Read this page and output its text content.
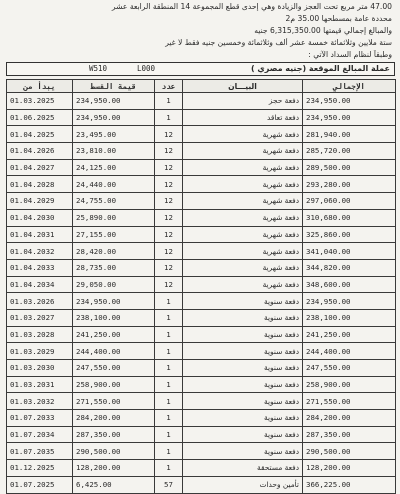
47.00 متر مربع تحت العجز والزيادة وهي إحدى قطع المجموعة 14 المنطقة الرابعة عشر
محددة عامة بمسطحها 35.00 م2
والمبالغ إجمالي قيمتها 6,315,350.00 جنيه
ستة ملايين وثلاثمائة خمسة عشر ألف وثلاثمائة وخمسين جنيه فقط لا غير
وطبقاً لنظام السداد الآتي :
عملة المبالغ الموقعة (جنيه مصري )
W510	L000
يبدأ من	قيمة القسط	عدد	البيـــان	الإجمالي
01.03.2025	234,950.00	1	دفعة حجز	234,950.00
01.06.2025	234,950.00	1	دفعة تعاقد	234,950.00
01.04.2025	23,495.00	12	دفعة شهرية	281,940.00
01.04.2026	23,810.00	12	دفعة شهرية	285,720.00
01.04.2027	24,125.00	12	دفعة شهرية	289,500.00
01.04.2028	24,440.00	12	دفعة شهرية	293,280.00
01.04.2029	24,755.00	12	دفعة شهرية	297,060.00
01.04.2030	25,890.00	12	دفعة شهرية	310,680.00
01.04.2031	27,155.00	12	دفعة شهرية	325,860.00
01.04.2032	28,420.00	12	دفعة شهرية	341,040.00
01.04.2033	28,735.00	12	دفعة شهرية	344,820.00
01.04.2034	29,050.00	12	دفعة شهرية	348,600.00
01.03.2026	234,950.00	1	دفعة سنوية	234,950.00
01.03.2027	238,100.00	1	دفعة سنوية	238,100.00
01.03.2028	241,250.00	1	دفعة سنوية	241,250.00
01.03.2029	244,400.00	1	دفعة سنوية	244,400.00
01.03.2030	247,550.00	1	دفعة سنوية	247,550.00
01.03.2031	258,900.00	1	دفعة سنوية	258,900.00
01.03.2032	271,550.00	1	دفعة سنوية	271,550.00
01.07.2033	284,200.00	1	دفعة سنوية	284,200.00
01.07.2034	287,350.00	1	دفعة سنوية	287,350.00
01.07.2035	290,500.00	1	دفعة سنوية	290,500.00
01.12.2025	128,200.00	1	دفعة مستحقة	128,200.00
01.07.2025	6,425.00	57	تأمين وحدات	366,225.00
